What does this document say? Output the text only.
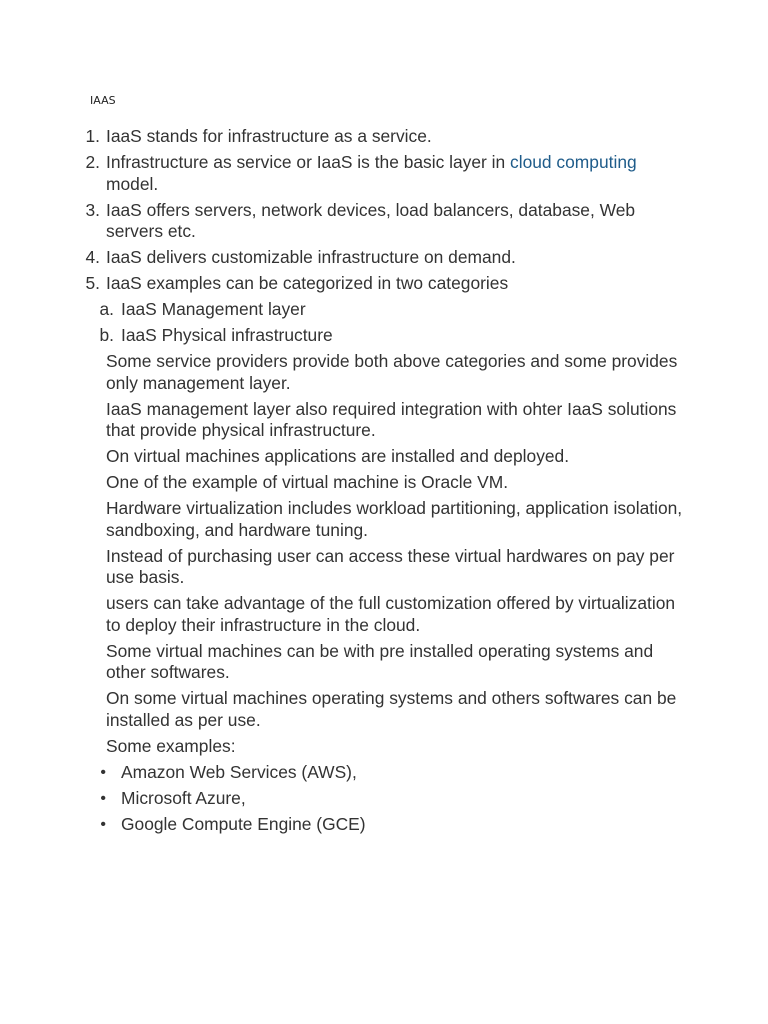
IAAS
1. IaaS stands for infrastructure as a service.
2. Infrastructure as service or IaaS is the basic layer in cloud computing model.
3. IaaS offers servers, network devices, load balancers, database, Web servers etc.
4. IaaS delivers customizable infrastructure on demand.
5. IaaS examples can be categorized in two categories
a. IaaS Management layer
b. IaaS Physical infrastructure
Some service providers provide both above categories and some provides only management layer.
IaaS management layer also required integration with ohter IaaS solutions that provide physical infrastructure.
On virtual machines applications are installed and deployed.
One of the example of virtual machine is Oracle VM.
Hardware virtualization includes workload partitioning, application isolation, sandboxing, and hardware tuning.
Instead of purchasing user can access these virtual hardwares on pay per use basis.
users can take advantage of the full customization offered by virtualization to deploy their infrastructure in the cloud.
Some virtual machines can be with pre installed operating systems and other softwares.
On some virtual machines operating systems and others softwares can be installed as per use.
Some examples:
• Amazon Web Services (AWS),
• Microsoft Azure,
• Google Compute Engine (GCE)
